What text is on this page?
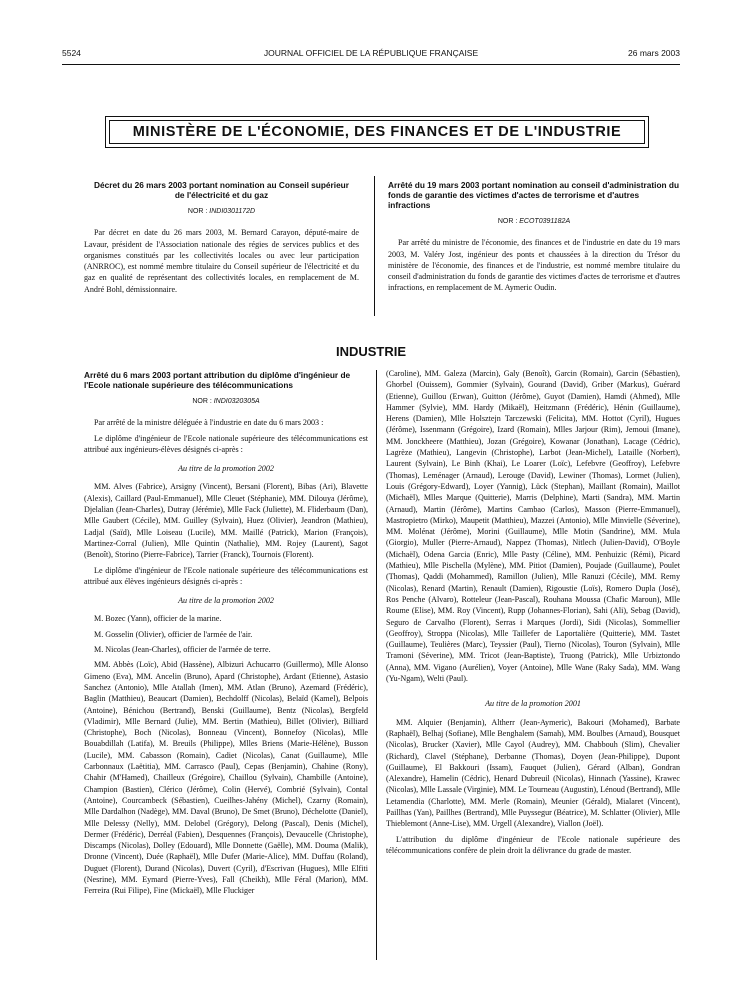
5524	JOURNAL OFFICIEL DE LA RÉPUBLIQUE FRANÇAISE	26 mars 2003
MINISTÈRE DE L'ÉCONOMIE, DES FINANCES ET DE L'INDUSTRIE
Décret du 26 mars 2003 portant nomination au Conseil supérieur de l'électricité et du gaz
NOR : INDI0301172D

Par décret en date du 26 mars 2003, M. Bernard Carayon, député-maire de Lavaur, président de l'Association nationale des régies de services publics et des organismes constitués par les collectivités locales ou avec leur participation (ANRROC), est nommé membre titulaire du Conseil supérieur de l'électricité et du gaz en qualité de représentant des collectivités locales, en remplacement de M. André Bohl, démissionnaire.

Arrêté du 19 mars 2003 portant nomination au conseil d'administration du fonds de garantie des victimes d'actes de terrorisme et d'autres infractions
NOR : ECOT0391182A

Par arrêté du ministre de l'économie, des finances et de l'industrie en date du 19 mars 2003, M. Valéry Jost, ingénieur des ponts et chaussées à la direction du Trésor du ministère de l'économie, des finances et de l'industrie, est nommé membre titulaire du conseil d'administration du fonds de garantie des victimes d'actes de terrorisme et d'autres infractions, en remplacement de M. Aymeric Oudin.

INDUSTRIE
Arrêté du 6 mars 2003 portant attribution du diplôme d'ingénieur de l'Ecole nationale supérieure des télécommunications
NOR : INDI0320305A

Par arrêté de la ministre déléguée à l'industrie en date du 6 mars 2003 :

Le diplôme d'ingénieur de l'Ecole nationale supérieure des télécommunications est attribué aux ingénieurs-élèves désignés ci-après :

Au titre de la promotion 2002

MM. Alves (Fabrice), Arsigny (Vincent), Bersani (Florent), Bibas (Ari), Blavette (Alexis), Caillard (Paul-Emmanuel), Mlle Cleuet (Stéphanie), MM. Dilouya (Jérôme), Djelalian (Jean-Charles), Dutray (Jérémie), Mlle Fack (Juliette), M. Fliderbaum (Dan), Mlle Gaubert (Cécile), MM. Guilley (Sylvain), Huez (Olivier), Jeandron (Mathieu), Ladjal (Saïd), Mlle Loiseau (Lucile), MM. Maillé (Patrick), Marion (François), Martinez-Corral (Julien), Mlle Quintin (Nathalie), MM. Rojey (Laurent), Sagot (Benoît), Storino (Pierre-Fabrice), Tarrier (Franck), Tournois (Florent).

Le diplôme d'ingénieur de l'Ecole nationale supérieure des télécommunications est attribué aux élèves ingénieurs désignés ci-après :

Au titre de la promotion 2002
M. Bozec (Yann), officier de la marine.
M. Gosselin (Olivier), officier de l'armée de l'air.
M. Nicolas (Jean-Charles), officier de l'armée de terre.

MM. Abbès (Loïc), Abid (Hassène), Albizuri Achucarro (Guillermo), Mlle Alonso Gimeno (Eva), MM. Ancelin (Bruno), Apard (Christophe), Ardant (Etienne), Astasio Sanchez (Antonio), Mlle Atallah (Imen), MM. Atlan (Bruno), Azemard (Frédéric), Baglin (Matthieu), Beaucart (Damien), Bechdolff (Nicolas), Belaïd (Kamel), Belpois (Antoine), Bénichou (Bertrand), Benski (Guillaume), Bentz (Nicolas), Bergfeld (Vladimir), Mlle Bernard (Julie), MM. Bertin (Mathieu), Billet (Olivier), Billiard (Christophe), Boch (Nicolas), Bonneau (Vincent), Bonnefoy (Nicolas), Mlle Bouabdillah (Latifa), M. Breuils (Philippe), Mlles Briens (Marie-Hélène), Busson (Lucile), MM. Cabasson (Romain), Cadiet (Nicolas), Canat (Guillaume), Mlle Carbonnaux (Laëtitia), MM. Carrasco (Paul), Cepas (Benjamin), Chahine (Rony), Chahir (M'Hamed), Chailleux (Grégoire), Chaillou (Sylvain), Chambille (Antoine), Champion (Bastien), Clérico (Jérôme), Colin (Hervé), Combrié (Sylvain), Contal (Antoine), Courcambeck (Sébastien), Cueilhes-Jahény (Michel), Czarny (Romain), Mlle Dardalhon (Nadège), MM. Daval (Bruno), De Smet (Bruno), Déchelotte (Daniel), Mlle Delessy (Nelly), MM. Delobel (Grégory), Delong (Pascal), Denis (Michel), Dermer (Frédéric), Derréal (Fabien), Desquennes (François), Devaucelle (Christophe), Discamps (Nicolas), Dolley (Edouard), Mlle Donnette (Gaëlle), MM. Douma (Malik), Dronne (Vincent), Duée (Raphaël), Mlle Dufer (Marie-Alice), MM. Duffau (Roland), Duguet (Florent), Durand (Nicolas), Duvert (Cyril), d'Escrivan (Hugues), Mlle Elfiti (Nesrine), MM. Eymard (Pierre-Yves), Fall (Cheikh), Mlle Féral (Marion), MM. Ferreira (Rui Filipe), Fine (Mickaël), Mlle Fluckiger

(Caroline), MM. Galeza (Marcin), Galy (Benoît), Garcin (Romain), Garcin (Sébastien), Ghorbel (Ouissem), Gommier (Sylvain), Gourand (David), Griber (Markus), Guérard (Etienne), Guillou (Erwan), Guitton (Jérôme), Guyot (Damien), Hamdi (Ahmed), Mlle Hammer (Sylvie), MM. Hardy (Mikaël), Heitzmann (Frédéric), Hénin (Guillaume), Herens (Damien), Mlle Holsztejn Tarczewski (Felicita), MM. Hottot (Cyril), Hugues (Jérôme), Issenmann (Grégoire), Izard (Romain), Mlles Jarjour (Rim), Jemoui (Imane), MM. Jonckheere (Matthieu), Jozan (Grégoire), Kowanar (Jonathan), Lacage (Cédric), Lagrèze (Mathieu), Langevin (Christophe), Larbot (Jean-Michel), Lataille (Norbert), Laurent (Sylvain), Le Binh (Khai), Le Loarer (Loïc), Lefebvre (Geoffroy), Lefebvre (Thomas), Leménager (Arnaud), Lerouge (David), Lewiner (Thomas), Lormet (Julien), Louis (Grégory-Edward), Loyer (Yannig), Lück (Stephan), Maillant (Romain), Maillot (Michaël), Mlles Marque (Quitterie), Marris (Delphine), Marti (Sandra), MM. Martin (Arnaud), Martin (Jérôme), Martins Cambao (Carlos), Masson (Pierre-Emmanuel), Mastropietro (Mirko), Maupetit (Matthieu), Mazzei (Antonio), Mlle Minvielle (Séverine), MM. Molénat (Jérôme), Morini (Guillaume), Mlle Motin (Sandrine), MM. Mula (Giorgio), Muller (Pierre-Arnaud), Nappez (Thomas), Nitlech (Julien-David), O'Boyle (Michaël), Odena Garcia (Enric), Mlle Pasty (Céline), MM. Penhuizic (Rémi), Picard (Mathieu), Mlle Pischella (Mylène), MM. Pitiot (Damien), Poujade (Guillaume), Poulet (Thomas), Qaddi (Mohammed), Ramillon (Julien), Mlle Ranuzi (Cécile), MM. Remy (Nicolas), Renard (Martin), Renault (Damien), Rigoustie (Loïs), Romero Dupla (José), Ros Penche (Alvaro), Rotteleur (Jean-Pascal), Rouhana Moussa (Chafic Maroun), Mlle Roume (Elise), MM. Roy (Vincent), Rupp (Johannes-Florian), Sahi (Ali), Sebag (David), Seguro de Carvalho (Florent), Serras i Marques (Jordi), Sidi (Nicolas), Sommellier (Geoffroy), Stroppa (Nicolas), Mlle Taillefer de Laportalière (Quitterie), MM. Tastet (Guillaume), Teulières (Marc), Teyssier (Paul), Tierno (Nicolas), Touron (Sylvain), Mlle Tramoni (Séverine), MM. Tricot (Jean-Baptiste), Truong (Patrick), Mlle Urbiztondo (Anna), MM. Vigano (Aurélien), Voyer (Antoine), Mlle Wane (Raky Sada), MM. Wang (Yu-Ngam), Welti (Paul).

Au titre de la promotion 2001

MM. Alquier (Benjamin), Altherr (Jean-Aymeric), Bakouri (Mohamed), Barbate (Raphaël), Belhaj (Sofiane), Mlle Benghalem (Samah), MM. Boulbes (Arnaud), Bousquet (Nicolas), Brucker (Xavier), Mlle Cayol (Audrey), MM. Chabbouh (Slim), Chevalier (Richard), Clavel (Stéphane), Derbanne (Thomas), Doyen (Jean-Philippe), Dupont (Guillaume), El Bakkouri (Issam), Fauquet (Julien), Gérard (Alban), Gondran (Alexandre), Hamelin (Cédric), Henard Dubreuil (Nicolas), Hinnach (Yassine), Krawec (Nicolas), Mlle Lassale (Virginie), MM. Le Tourneau (Augustin), Lénoud (Bertrand), Mlle Letamendia (Charlotte), MM. Merle (Romain), Meunier (Gérald), Mialaret (Vincent), Paillhas (Yan), Paillhes (Bertrand), Mlle Puyssegur (Béatrice), M. Schlatter (Olivier), Mlle Thieblemont (Anne-Lise), MM. Urgell (Alexandre), Viallon (Joël).

L'attribution du diplôme d'ingénieur de l'Ecole nationale supérieure des télécommunications confère de plein droit la délivrance du grade de master.
